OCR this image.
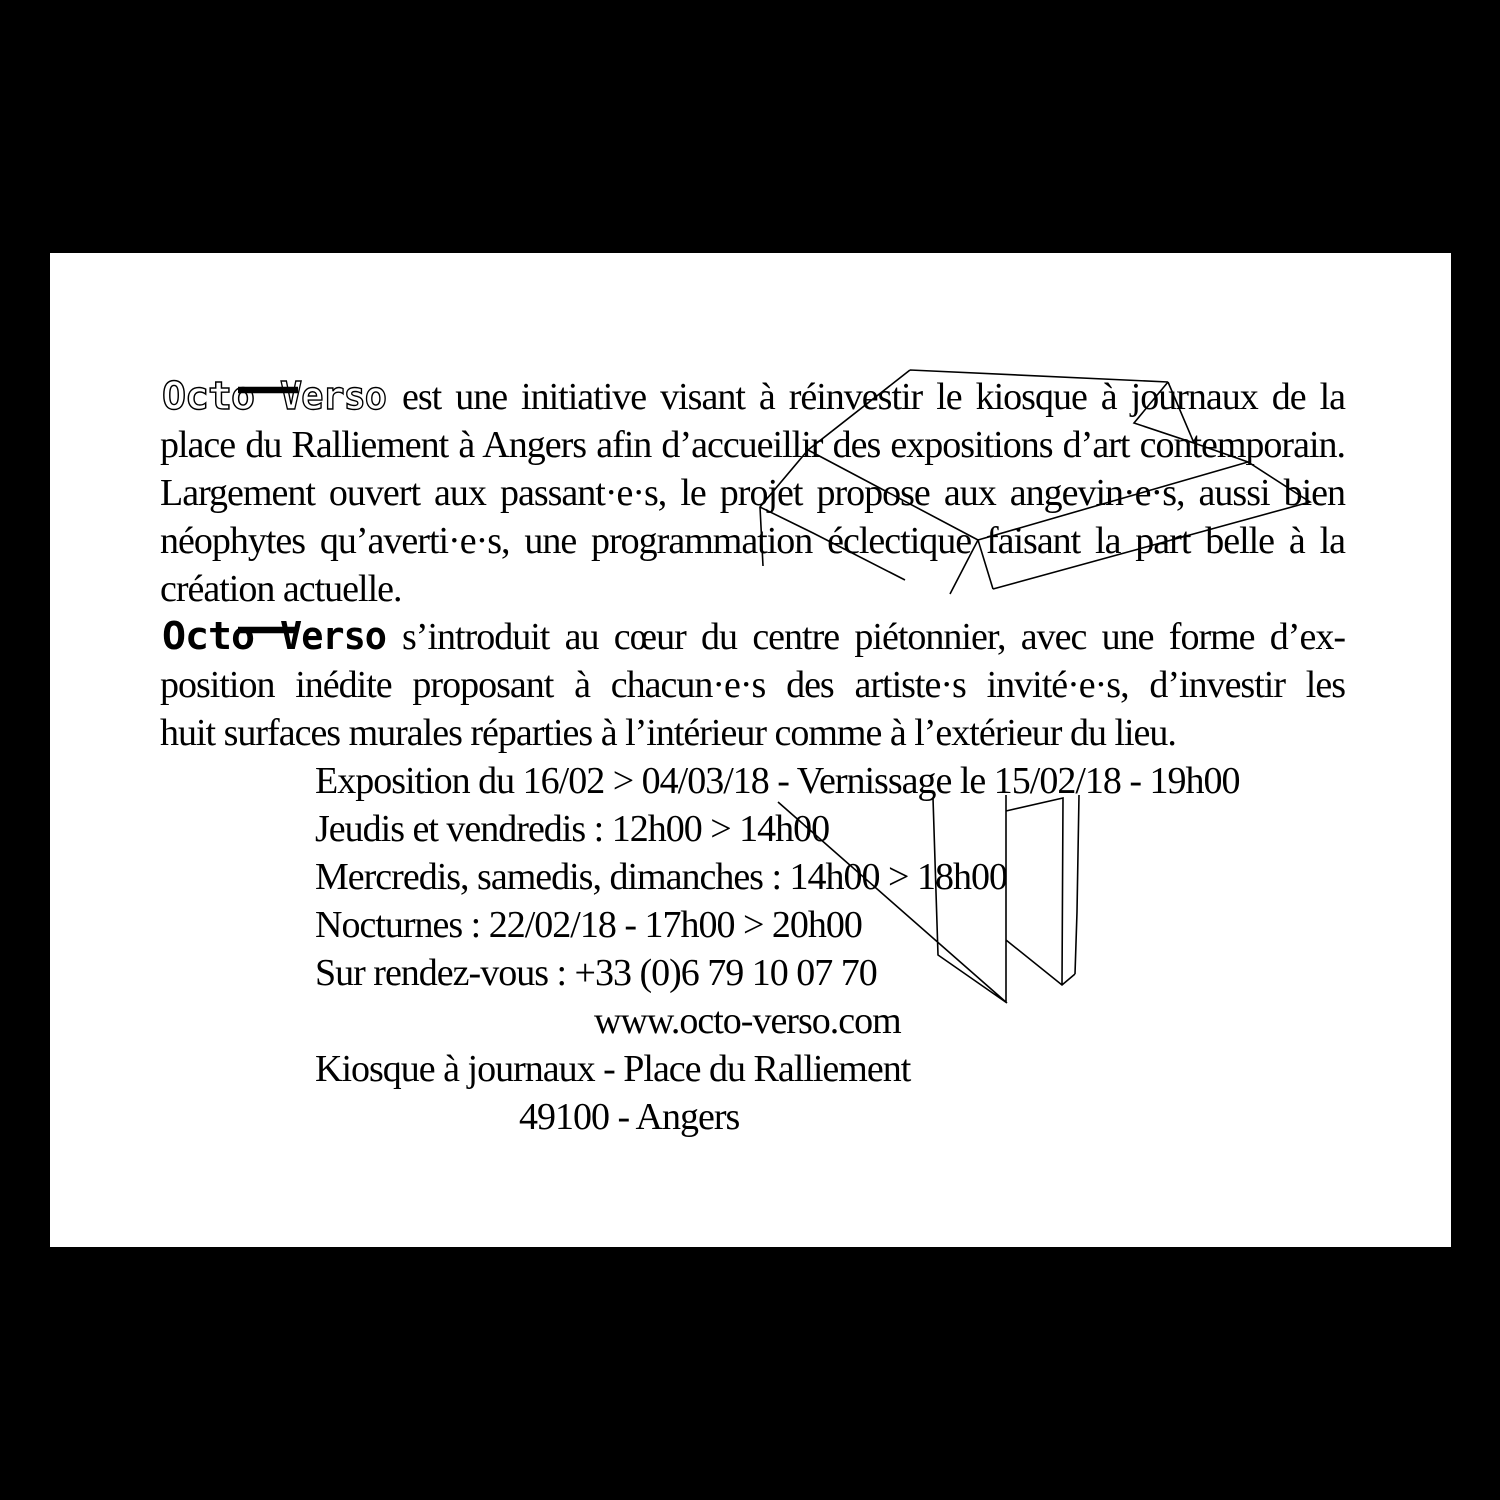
Octo Verso est une initiative visant à réinvestir le kiosque à journaux de la
place du Ralliement à Angers afin d’accueillir des expositions d’art contemporain.
Largement ouvert aux passant·e·s, le projet propose aux angevin·e·s, aussi bien
néophytes qu’averti·e·s, une programmation éclectique faisant la part belle à la
création actuelle.
Octo Verso s’introduit au cœur du centre piétonnier, avec une forme d’ex-
position inédite proposant à chacun·e·s des artiste·s invité·e·s, d’investir les
huit surfaces murales réparties à l’intérieur comme à l’extérieur du lieu.
Exposition du 16/02 > 04/03/18 - Vernissage le 15/02/18 - 19h00
Jeudis et vendredis : 12h00 > 14h00
Mercredis, samedis, dimanches : 14h00 > 18h00
Nocturnes : 22/02/18 - 17h00 > 20h00
Sur rendez-vous : +33 (0)6 79 10 07 70
www.octo-verso.com
Kiosque à journaux - Place du Ralliement
49100 - Angers
